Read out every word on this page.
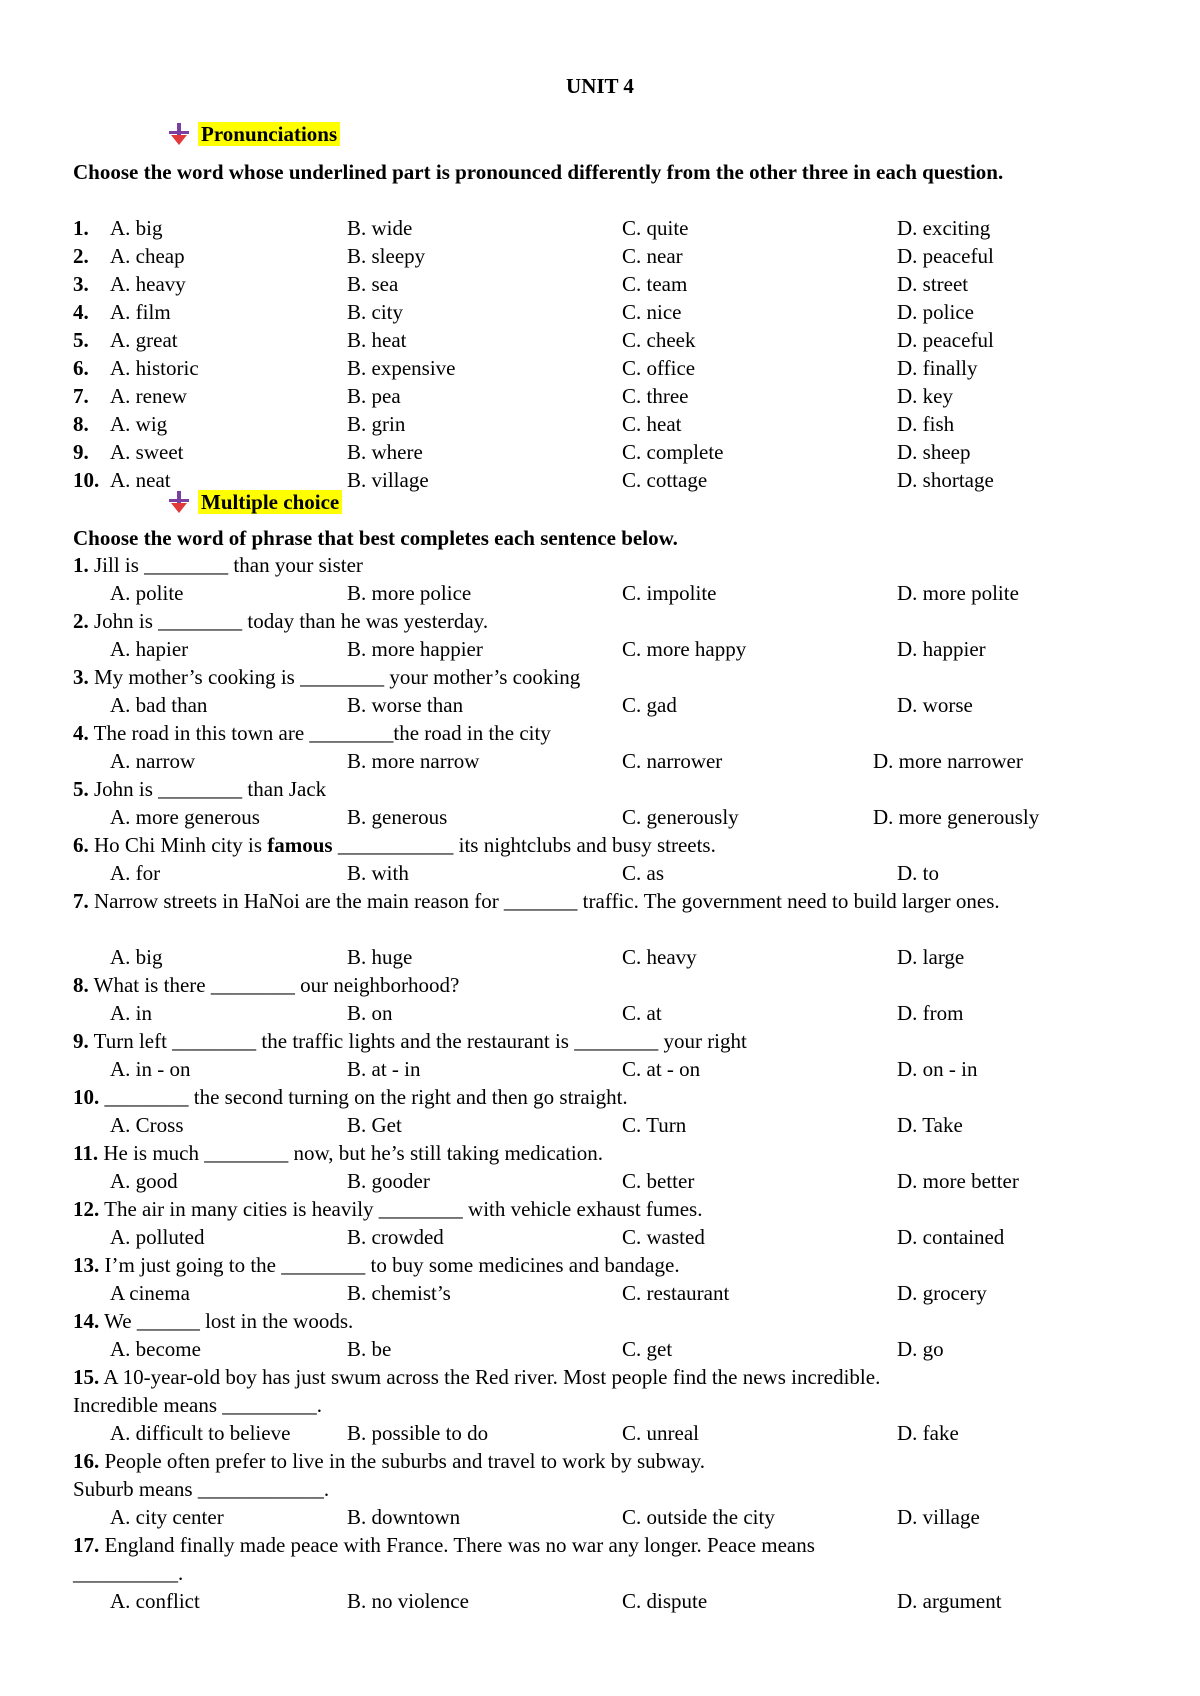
UNIT 4
Pronunciations
Choose the word whose underlined part is pronounced differently from the other three in each question.
1. A. big	B. wide	C. quite	D. exciting
2. A. cheap	B. sleepy	C. near	D. peaceful
3. A. heavy	B. sea	C. team	D. street
4. A. film	B. city	C. nice	D. police
5. A. great	B. heat	C. cheek	D. peaceful
6. A. historic	B. expensive	C. office	D. finally
7. A. renew	B. pea	C. three	D. key
8. A. wig	B. grin	C. heat	D. fish
9. A. sweet	B. where	C. complete	D. sheep
10. A. neat	B. village	C. cottage	D. shortage
Multiple choice
Choose the word of phrase that best completes each sentence below.
1. Jill is ________ than your sister
A. polite	B. more police	C. impolite	D. more polite
2. John is ________ today than he was yesterday.
A. hapier	B. more happier	C. more happy	D. happier
3. My mother’s cooking is ________ your mother’s cooking
A. bad than	B. worse than	C. gad	D. worse
4. The road in this town are ________the road in the city
A. narrow	B. more narrow	C. narrower	D. more narrower
5. John is ________ than Jack
A. more generous	B. generous	C. generously	D. more generously
6. Ho Chi Minh city is famous ___________ its nightclubs and busy streets.
A. for	B. with	C. as	D. to
7. Narrow streets in HaNoi are the main reason for _______ traffic. The government need to build larger ones.
A. big	B. huge	C. heavy	D. large
8. What is there ________ our neighborhood?
A. in	B. on	C. at	D. from
9. Turn left ________ the traffic lights and the restaurant is ________ your right
A. in - on	B. at - in	C. at - on	D. on - in
10. ________ the second turning on the right and then go straight.
A. Cross	B. Get	C. Turn	D. Take
11. He is much ________ now, but he’s still taking medication.
A. good	B. gooder	C. better	D. more better
12. The air in many cities is heavily ________ with vehicle exhaust fumes.
A. polluted	B. crowded	C. wasted	D. contained
13. I’m just going to the ________ to buy some medicines and bandage.
A cinema	B. chemist’s	C. restaurant	D. grocery
14. We ______ lost in the woods.
A. become	B. be	C. get	D. go
15. A 10-year-old boy has just swum across the Red river. Most people find the news incredible.
Incredible means _________.
A. difficult to believe	B. possible to do	C. unreal	D. fake
16. People often prefer to live in the suburbs and travel to work by subway.
Suburb means ____________.
A. city center	B. downtown	C. outside the city	D. village
17. England finally made peace with France. There was no war any longer. Peace means
__________.
A. conflict	B. no violence	C. dispute	D. argument
